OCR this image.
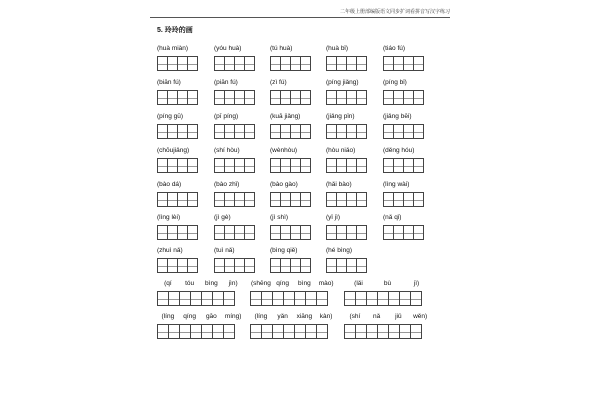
二年级上册部编版语文同步扩词看拼音写汉字练习
5. 玲玲的画
(huà miàn)	(yóu huà)	(tú huà)	(huà bǐ)	(tiáo fú)
(biān fú)	(piān fú)	(zì fú)	(píng jiǎng)	(píng bǐ)
(píng gū)	(pī píng)	(kuā jiǎng)	(jiǎng pǐn)	(jiǎng bēi)
(chōujiǎng)	(shí hòu)	(wènhòu)	(hòu niǎo)	(děng hóu)
(bào dá)	(bào zhǐ)	(bào gào)	(hǎi bào)	(lìng wài)
(lìng lèi)	(jì gè)	(jì shì)	(yǐ jì)	(nǎ qǐ)
(zhuì nǎ)	(tuì nǎ)	(bìng qiě)	(hé bìng)
(qí	tóu	bìng	jìn)	(shēng qíng	bìng	mào)	(lǎi	bù	jì)
(líng	qíng	gāo	míng)	(líng	yǎn	xiāng	kàn)	(shí	nǎ	jiǔ	wěn)
